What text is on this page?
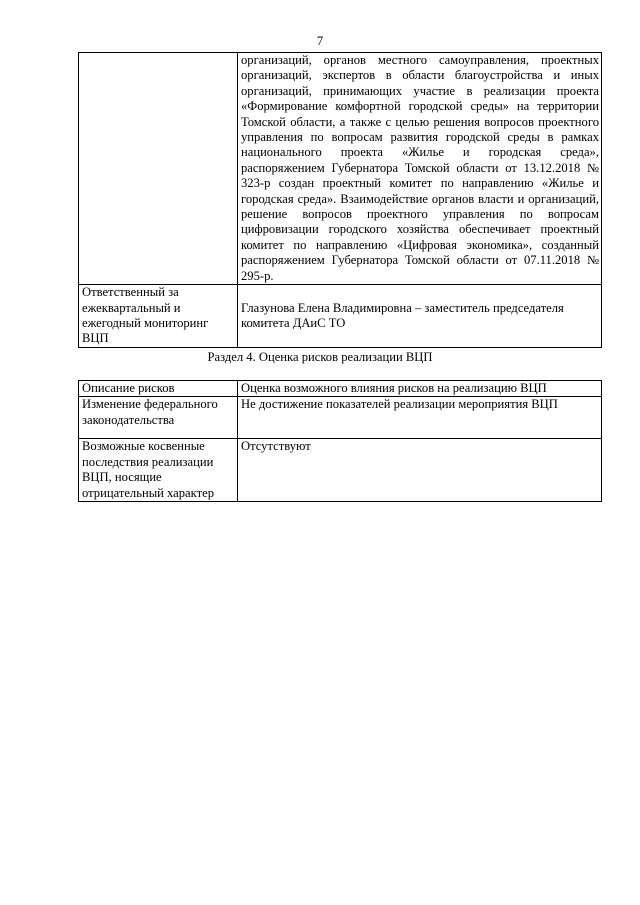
7
	организаций, органов местного самоуправления, проектных организаций, экспертов в области благоустройства и иных организаций, принимающих участие в реализации проекта «Формирование комфортной городской среды» на территории Томской области, а также с целью решения вопросов проектного управления по вопросам развития городской среды в рамках национального проекта «Жилье и городская среда», распоряжением Губернатора Томской области от 13.12.2018 № 323-р создан проектный комитет по направлению «Жилье и городская среда». Взаимодействие органов власти и организаций, решение вопросов проектного управления по вопросам цифровизации городского хозяйства обеспечивает проектный комитет по направлению «Цифровая экономика», созданный распоряжением Губернатора Томской области от 07.11.2018 № 295-р.
Ответственный за ежеквартальный и ежегодный мониторинг ВЦП	Глазунова Елена Владимировна – заместитель председателя комитета ДАиС ТО
Раздел 4. Оценка рисков реализации ВЦП
Описание рисков	Оценка возможного влияния рисков на реализацию ВЦП
Изменение федерального законодательства	Не достижение показателей реализации мероприятия ВЦП
Возможные косвенные последствия реализации ВЦП, носящие отрицательный характер	Отсутствуют
